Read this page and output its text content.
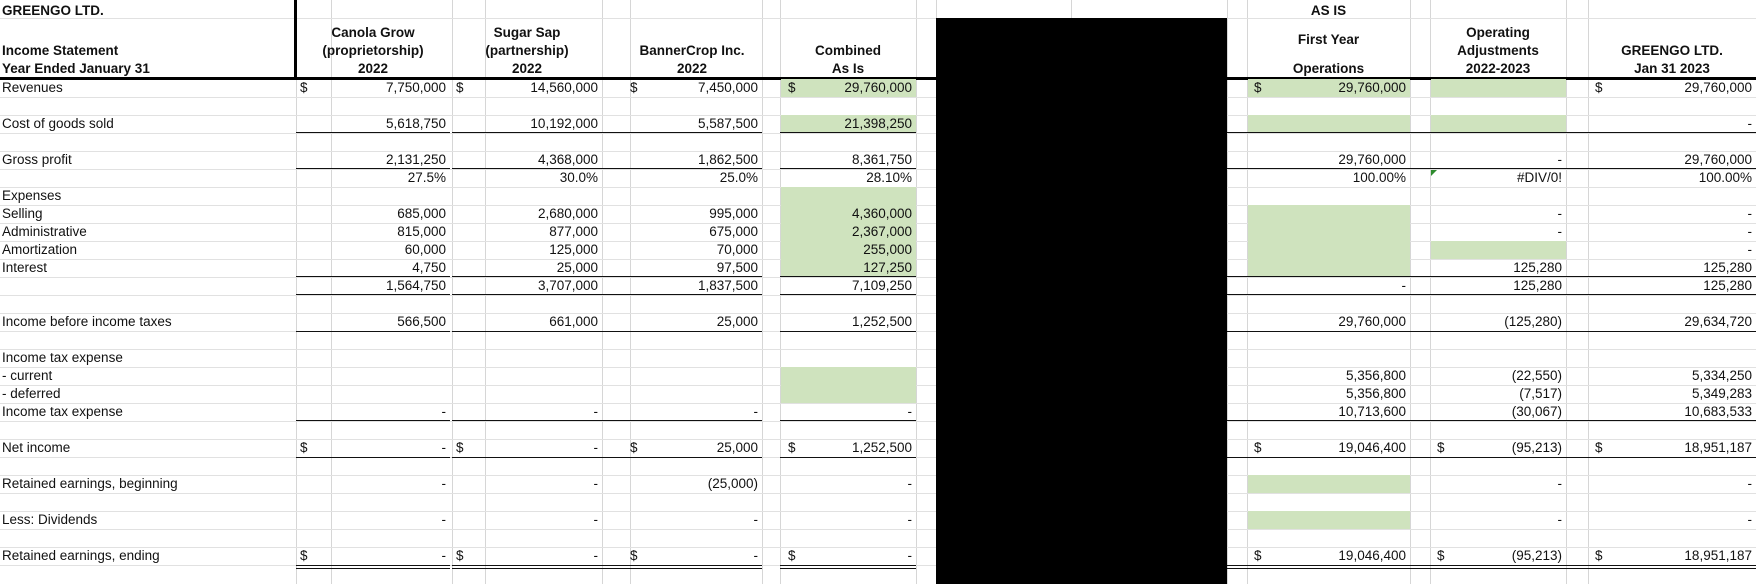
GREENGO LTD.
Income Statement
Year Ended January 31
AS IS
Canola Grow
(proprietorship)
2022
Sugar Sap
(partnership)
2022
BannerCrop Inc.
2022
Combined
As Is
First Year
Operations
Operating
Adjustments
2022-2023
GREENGO LTD.
Jan 31 2023
Revenues
Cost of goods sold
Gross profit
Expenses
Selling
Administrative
Amortization
Interest
Income before income taxes
Income tax expense
- current
- deferred
Income tax expense
Net income
Retained earnings, beginning
Less: Dividends
Retained earnings, ending
7,750,000
5,618,750
2,131,250
27.5%
685,000
815,000
60,000
4,750
1,564,750
566,500
-
-
-
-
-
14,560,000
10,192,000
4,368,000
30.0%
2,680,000
877,000
125,000
25,000
3,707,000
661,000
-
-
-
-
-
7,450,000
5,587,500
1,862,500
25.0%
995,000
675,000
70,000
97,500
1,837,500
25,000
-
25,000
(25,000)
-
-
29,760,000
21,398,250
8,361,750
28.10%
4,360,000
2,367,000
255,000
127,250
7,109,250
1,252,500
-
1,252,500
-
-
-
29,760,000
29,760,000
100.00%
-
29,760,000
5,356,800
5,356,800
10,713,600
19,046,400
19,046,400
-
#DIV/0!
-
-
125,280
125,280
(125,280)
(22,550)
(7,517)
(30,067)
(95,213)
-
-
(95,213)
29,760,000
-
29,760,000
100.00%
-
-
-
125,280
125,280
29,634,720
5,334,250
5,349,283
10,683,533
18,951,187
-
-
18,951,187
$
$
$
$
$
$
$
$
$
$
$
$
$
$
$
$
$
$
$
$
